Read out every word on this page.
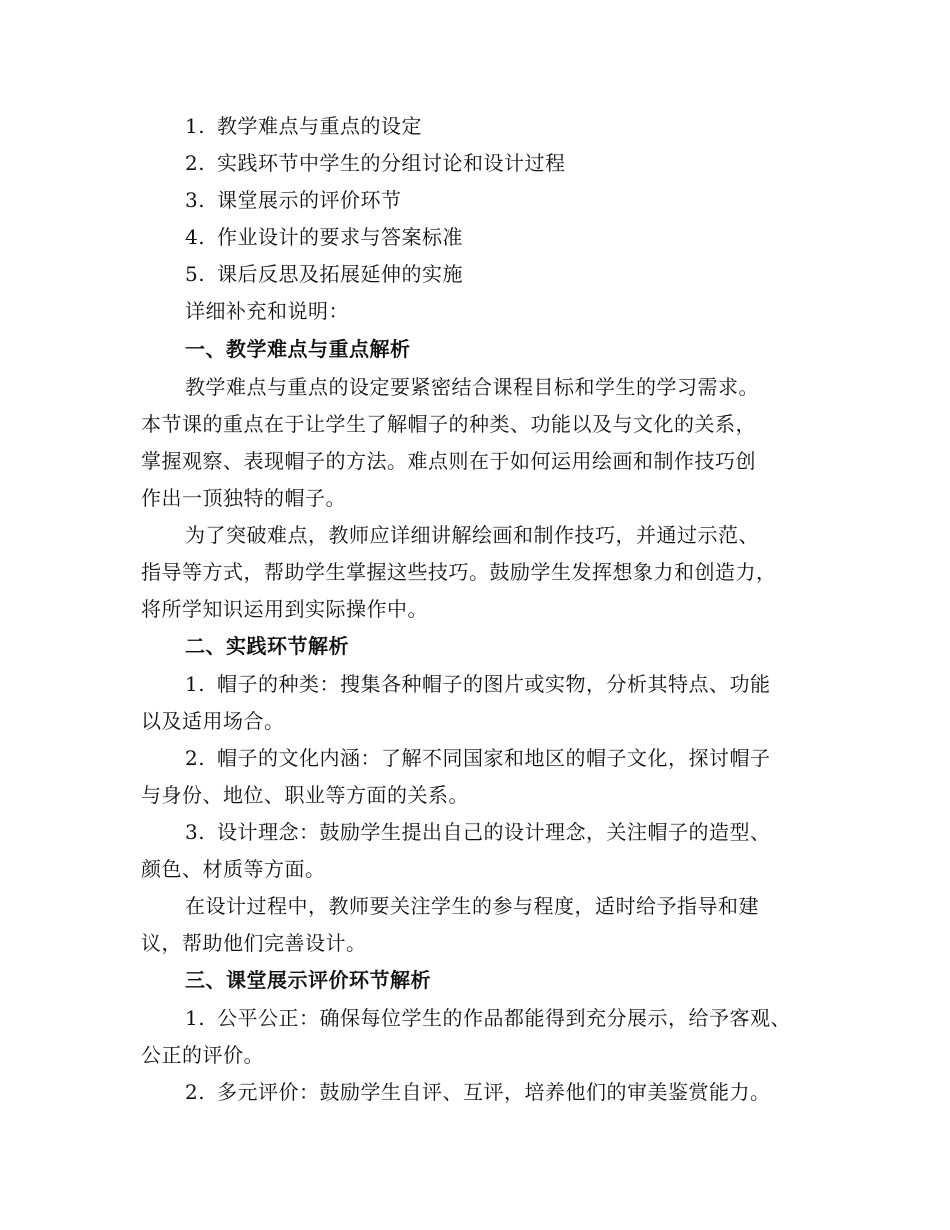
1. 教学难点与重点的设定
2. 实践环节中学生的分组讨论和设计过程
3. 课堂展示的评价环节
4. 作业设计的要求与答案标准
5. 课后反思及拓展延伸的实施
详细补充和说明：
一、教学难点与重点解析
教学难点与重点的设定要紧密结合课程目标和学生的学习需求。
本节课的重点在于让学生了解帽子的种类、功能以及与文化的关系，
掌握观察、表现帽子的方法。难点则在于如何运用绘画和制作技巧创
作出一顶独特的帽子。
为了突破难点，教师应详细讲解绘画和制作技巧，并通过示范、
指导等方式，帮助学生掌握这些技巧。鼓励学生发挥想象力和创造力，
将所学知识运用到实际操作中。
二、实践环节解析
1. 帽子的种类：搜集各种帽子的图片或实物，分析其特点、功能
以及适用场合。
2. 帽子的文化内涵：了解不同国家和地区的帽子文化，探讨帽子
与身份、地位、职业等方面的关系。
3. 设计理念：鼓励学生提出自己的设计理念，关注帽子的造型、
颜色、材质等方面。
在设计过程中，教师要关注学生的参与程度，适时给予指导和建
议，帮助他们完善设计。
三、课堂展示评价环节解析
1. 公平公正：确保每位学生的作品都能得到充分展示，给予客观、
公正的评价。
2. 多元评价：鼓励学生自评、互评，培养他们的审美鉴赏能力。
